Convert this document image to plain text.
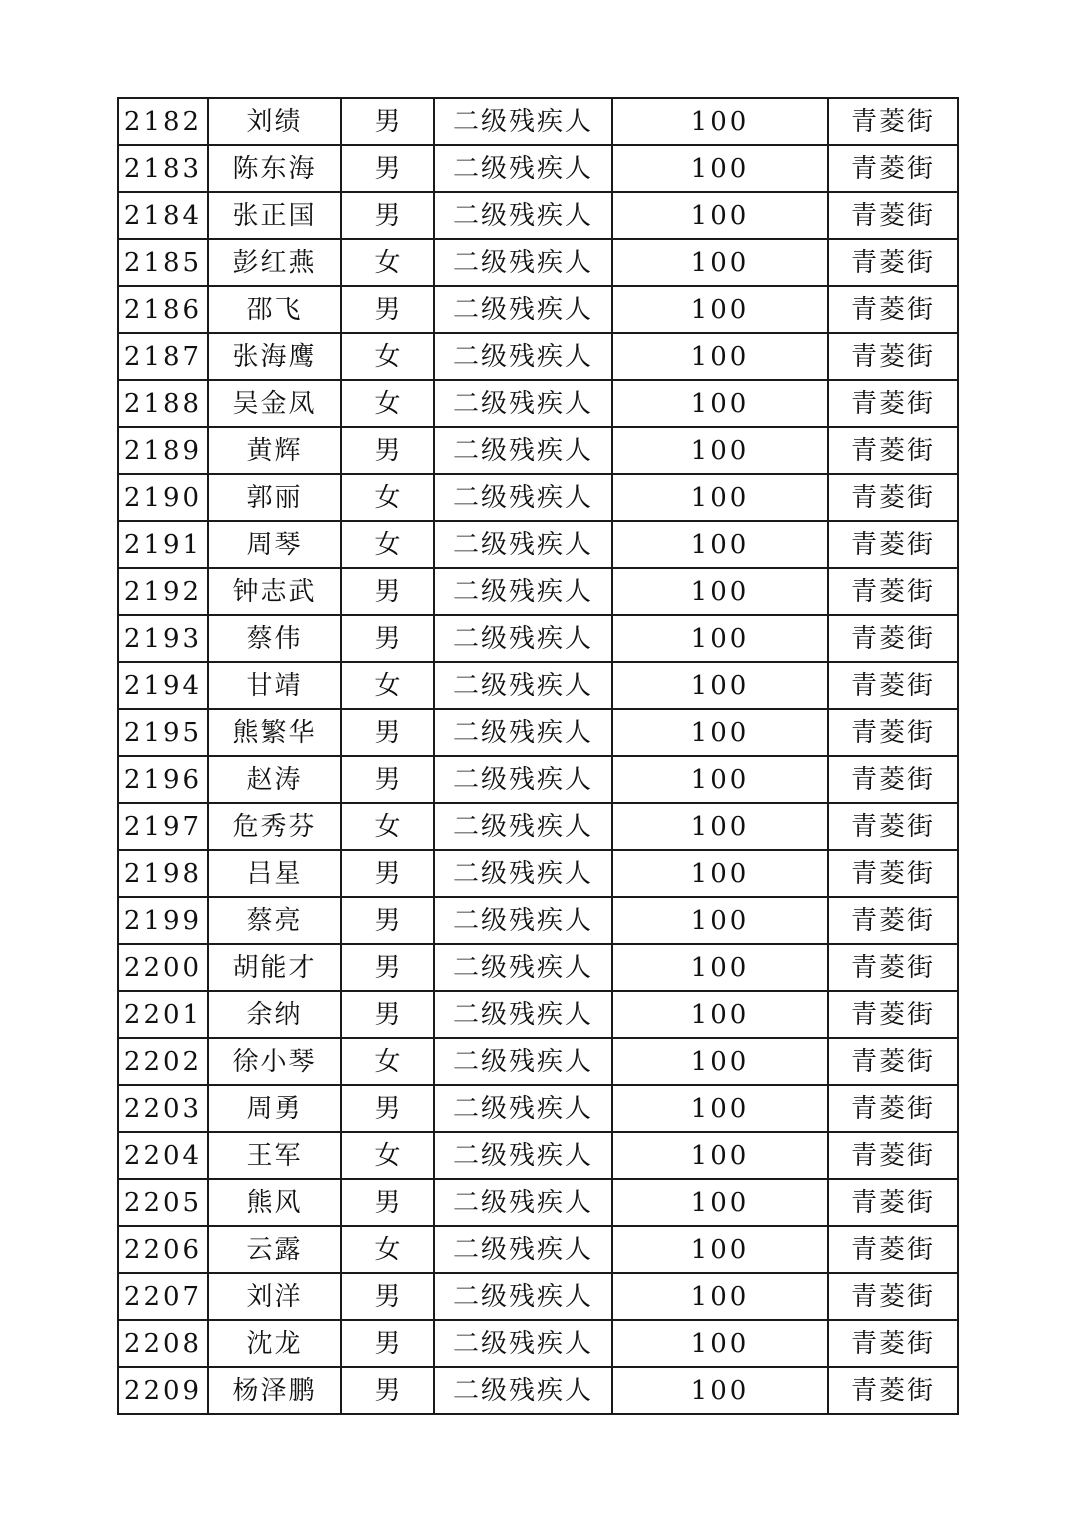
2182	刘绩	男	二级残疾人	100	青菱街
2183	陈东海	男	二级残疾人	100	青菱街
2184	张正国	男	二级残疾人	100	青菱街
2185	彭红燕	女	二级残疾人	100	青菱街
2186	邵飞	男	二级残疾人	100	青菱街
2187	张海鹰	女	二级残疾人	100	青菱街
2188	吴金凤	女	二级残疾人	100	青菱街
2189	黄辉	男	二级残疾人	100	青菱街
2190	郭丽	女	二级残疾人	100	青菱街
2191	周琴	女	二级残疾人	100	青菱街
2192	钟志武	男	二级残疾人	100	青菱街
2193	蔡伟	男	二级残疾人	100	青菱街
2194	甘靖	女	二级残疾人	100	青菱街
2195	熊繁华	男	二级残疾人	100	青菱街
2196	赵涛	男	二级残疾人	100	青菱街
2197	危秀芬	女	二级残疾人	100	青菱街
2198	吕星	男	二级残疾人	100	青菱街
2199	蔡亮	男	二级残疾人	100	青菱街
2200	胡能才	男	二级残疾人	100	青菱街
2201	余纳	男	二级残疾人	100	青菱街
2202	徐小琴	女	二级残疾人	100	青菱街
2203	周勇	男	二级残疾人	100	青菱街
2204	王军	女	二级残疾人	100	青菱街
2205	熊风	男	二级残疾人	100	青菱街
2206	云露	女	二级残疾人	100	青菱街
2207	刘洋	男	二级残疾人	100	青菱街
2208	沈龙	男	二级残疾人	100	青菱街
2209	杨泽鹏	男	二级残疾人	100	青菱街
